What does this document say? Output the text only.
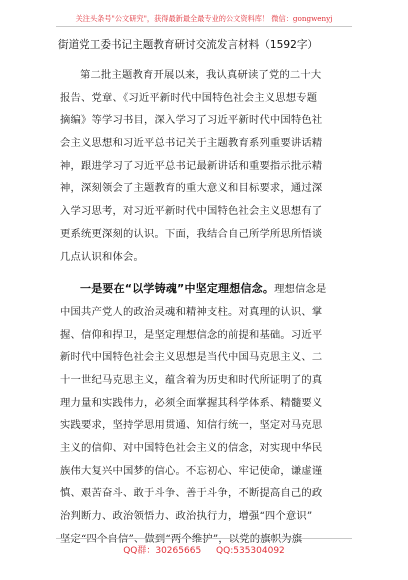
关注头条号"公文研究"，获得最新最全最专业的公文资料库！ 微信：gongwenyj
街道党工委书记主题教育研讨交流发言材料（1592字）
第二批主题教育开展以来，我认真研读了党的二十大
报告、党章、《习近平新时代中国特色社会主义思想专题
摘编》等学习书目，深入学习了习近平新时代中国特色社
会主义思想和习近平总书记关于主题教育系列重要讲话精
神，跟进学习了习近平总书记最新讲话和重要指示批示精
神，深刻领会了主题教育的重大意义和目标要求，通过深
入学习思考，对习近平新时代中国特色社会主义思想有了
更系统更深刻的认识。下面，我结合自己所学所思所悟谈
几点认识和体会。
一是要在“以学铸魂”中坚定理想信念。理想信念是
中国共产党人的政治灵魂和精神支柱。对真理的认识、掌
握、信仰和捍卫，是坚定理想信念的前提和基础。习近平
新时代中国特色社会主义思想是当代中国马克思主义、二
十一世纪马克思主义，蕴含着为历史和时代所证明了的真
理力量和实践伟力，必须全面掌握其科学体系、精髓要义
实践要求，坚持学思用贯通、知信行统一，坚定对马克思
主义的信仰、对中国特色社会主义的信念，对实现中华民
族伟大复兴中国梦的信心。不忘初心、牢记使命，谦虚谨
慎、艰苦奋斗、敢于斗争、善于斗争，不断提高自己的政
治判断力、政治领悟力、政治执行力，增强“四个意识”
坚定“四个自信”、做到“两个维护”，以党的旗帜为旗
QQ群：30265665 QQ:535304092
